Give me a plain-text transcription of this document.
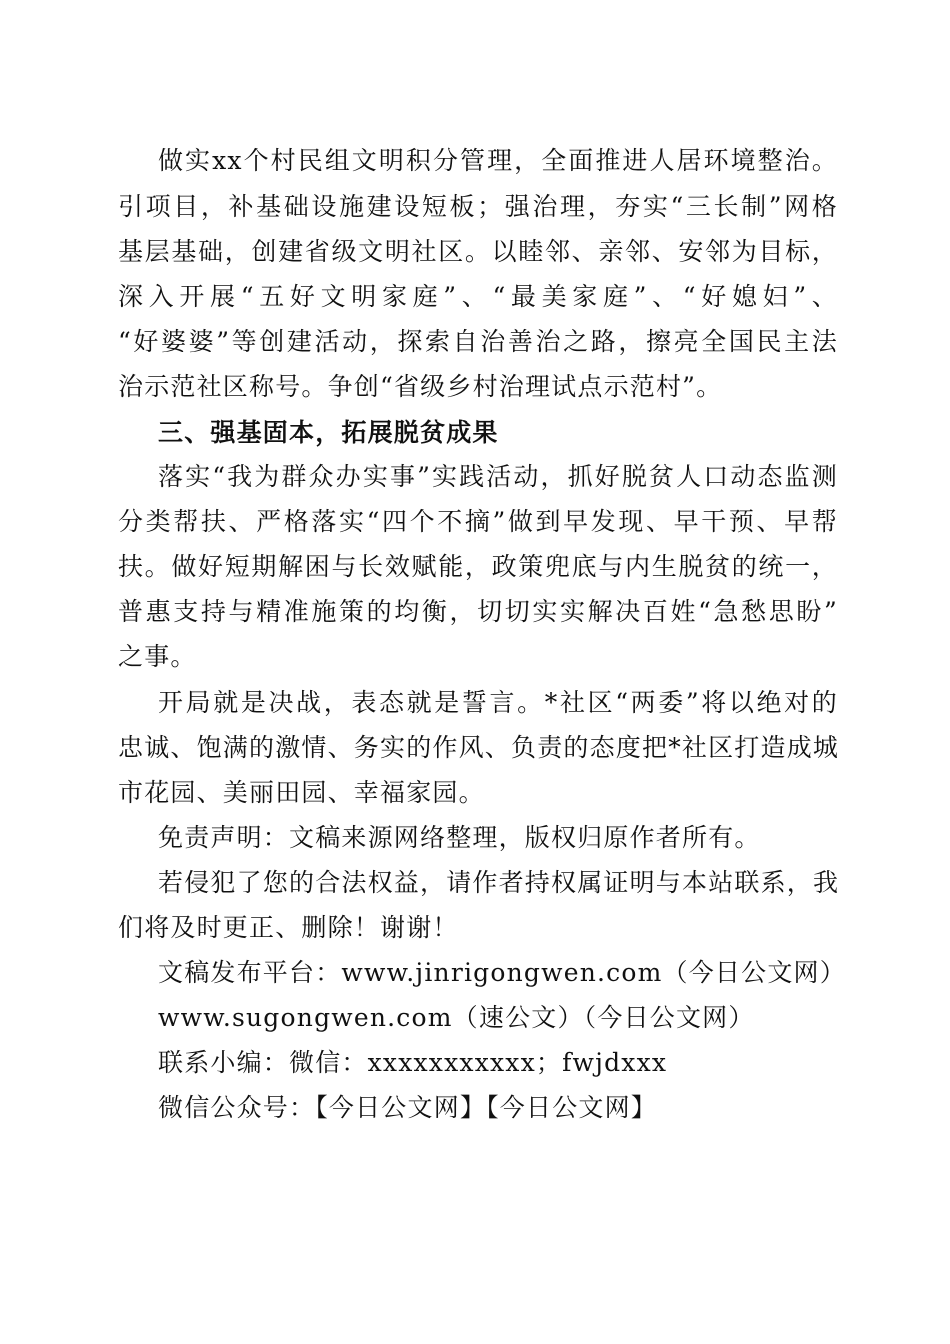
做实xx个村民组文明积分管理，全面推进人居环境整治。
引项目，补基础设施建设短板；强治理，夯实“三长制”网格
基层基础，创建省级文明社区。以睦邻、亲邻、安邻为目标，
深入开展“五好文明家庭”、“最美家庭”、“好媳妇”、
“好婆婆”等创建活动，探索自治善治之路，擦亮全国民主法
治示范社区称号。争创“省级乡村治理试点示范村”。
三、强基固本，拓展脱贫成果
落实“我为群众办实事”实践活动，抓好脱贫人口动态监测
分类帮扶、严格落实“四个不摘”做到早发现、早干预、早帮
扶。做好短期解困与长效赋能，政策兜底与内生脱贫的统一，
普惠支持与精准施策的均衡，切切实实解决百姓“急愁思盼”
之事。
开局就是决战，表态就是誓言。*社区“两委”将以绝对的
忠诚、饱满的激情、务实的作风、负责的态度把*社区打造成城
市花园、美丽田园、幸福家园。
免责声明：文稿来源网络整理，版权归原作者所有。
若侵犯了您的合法权益，请作者持权属证明与本站联系，我
们将及时更正、删除！谢谢！
文稿发布平台：www.jinrigongwen.com（今日公文网）
www.sugongwen.com（速公文）（今日公文网）
联系小编：微信：xxxxxxxxxxx；fwjdxxx
微信公众号：【今日公文网】【今日公文网】
